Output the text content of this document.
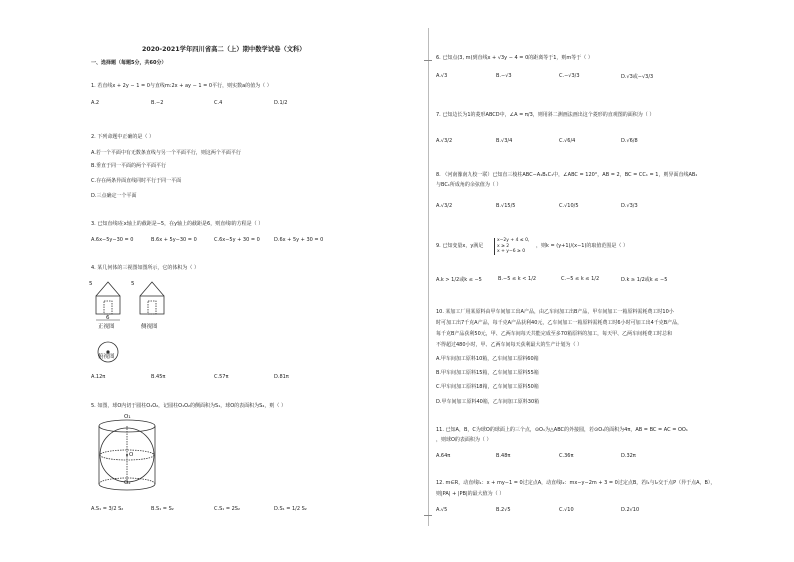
2020-2021学年四川省高二（上）期中数学试卷（文科）
一、选择题（每题5分，共60分）
1. 若直线x + 2y − 1 = 0与直线m:2x + ay − 1 = 0平行，则实数a的值为（ ）
A.2	B.−2	C.4	D.1/2
2. 下列命题中正确的是（ ）
A.若一个平面中有无数条直线与另一个平面平行，则这两个平面平行
B.垂直于同一平面的两个平面平行
C.存在两条异面直线同时平行于同一平面
D.三点确定一个平面
3. 已知直线l在x轴上的截距是−5，在y轴上的截距是6，则直线l的方程是（ ）
A.6x−5y−30 = 0	B.6x + 5y−30 = 0	C.6x−5y + 30 = 0	D.6x + 5y + 30 = 0
4. 某几何体的三视图如图所示，它的体积为（ ）
5	5
6
正视图	侧视图
俯视图
A.12π	B.45π	C.57π	D.81π
5. 如图，球O内切于圆柱O₁O₂，记圆柱O₁O₂的侧面积为S₁，球O的表面积为S₂，则（ ）
O₁
O
O₂
A.S₁ = 3/2 S₂	B.S₁ = S₂	C.S₁ = 2S₂	D.S₁ = 1/2 S₂
6. 已知点(3, m)到直线x + √3y − 4 = 0的距离等于1，则m等于（ ）
A.√3	B.−√3	C.−√3/3	D.√3或−√3/3
7. 已知边长为1的菱形ABCD中，∠A = π/3，则用斜二测画法画出这个菱形的直观图的面积为（ ）
A.√3/2	B.√3/4	C.√6/4	D.√6/8
8. （河南豫南九校一联）已知直三棱柱ABC−A₁B₁C₁中，∠ABC = 120°，AB = 2，BC = CC₁ = 1，则异面直线AB₁
与BC₁所成角的余弦值为（ ）
A.√3/2	B.√15/5	C.√10/5	D.√3/3
9. 已知变量x，y满足
x−2y + 4 ≤ 0,
x ≥ 2
x + y−6 ≥ 0
，则k = (y+1)/(x−1)的取值范围是（ ）
A.k > 1/2或k ≤ −5	B.−5 ≤ k < 1/2	C.−5 ≤ k ≤ 1/2	D.k ≥ 1/2或k ≤ −5
10. 某加工厂用某原料由甲车间加工出A产品，由乙车间加工出B产品，甲车间加工一箱原料需耗费工时10小
时可加工出7千克A产品，每千克A产品获利40元，乙车间加工一箱原料需耗费工时6小时可加工出4千克B产品，
每千克B产品获利50元，甲、乙两车间每天共能完成至多70箱原料的加工，每天甲、乙两车间耗费工时总和
不得超过480小时，甲、乙两车间每天获利最大的生产计划为（ ）
A.甲车间加工原料10箱，乙车间加工原料60箱
B.甲车间加工原料15箱，乙车间加工原料55箱
C.甲车间加工原料18箱，乙车间加工原料50箱
D.甲车间加工原料40箱，乙车间加工原料30箱
11. 已知A，B，C为球O的球面上的三个点，⊙O₁为△ABC的外接圆，若⊙O₁的面积为4π，AB = BC = AC = OO₁
，则球O的表面积为（ ）
A.64π	B.48π	C.36π	D.32π
12. m∈R，动直线l₁：x + my−1 = 0过定点A，动直线l₂：mx−y−2m + 3 = 0过定点B，若l₁与l₂交于点P（异于点A，B），
则|PA| + |PB|的最大值为（ ）
A.√5	B.2√5	C.√10	D.2√10
